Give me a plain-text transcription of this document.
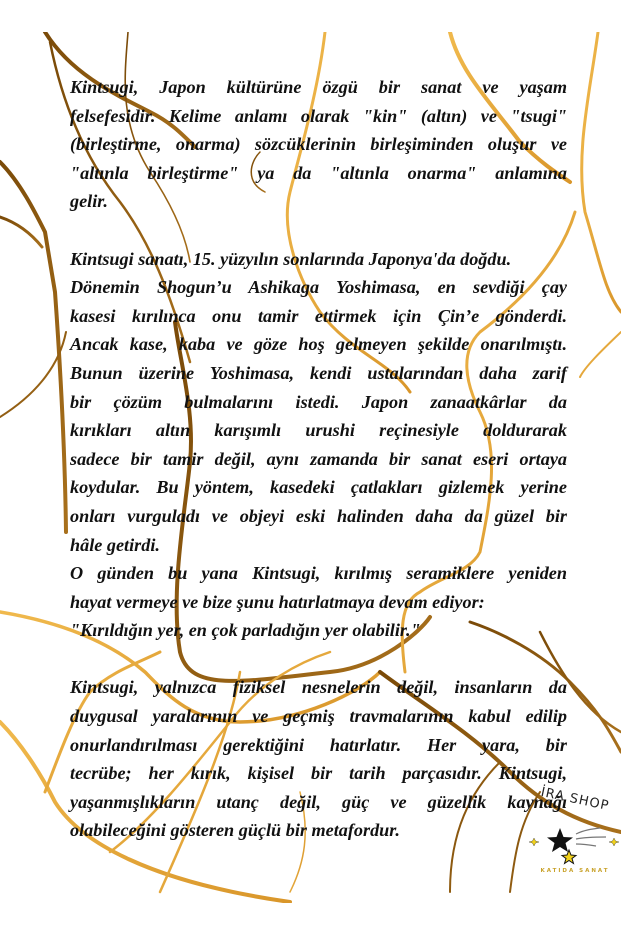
Kintsugi, Japon kültürüne özgü bir sanat ve yaşam
felsefesidir. Kelime anlamı olarak "kin" (altın) ve "tsugi"
(birleştirme, onarma) sözcüklerinin birleşiminden oluşur ve
"altınla birleştirme" ya da "altınla onarma" anlamına
gelir.

Kintsugi sanatı, 15. yüzyılın sonlarında Japonya'da doğdu.
Dönemin Shogun’u Ashikaga Yoshimasa, en sevdiği çay
kasesi kırılınca onu tamir ettirmek için Çin’e gönderdi.
Ancak kase, kaba ve göze hoş gelmeyen şekilde onarılmıştı.
Bunun üzerine Yoshimasa, kendi ustalarından daha zarif
bir çözüm bulmalarını istedi. Japon zanaatkârlar da
kırıkları altın karışımlı urushi reçinesiyle doldurarak
sadece bir tamir değil, aynı zamanda bir sanat eseri ortaya
koydular. Bu yöntem, kasedeki çatlakları gizlemek yerine
onları vurguladı ve objeyi eski halinden daha da güzel bir
hâle getirdi.
O günden bu yana Kintsugi, kırılmış seramiklere yeniden
hayat vermeye ve bize şunu hatırlatmaya devam ediyor:
"Kırıldığın yer, en çok parladığın yer olabilir."

Kintsugi, yalnızca fiziksel nesnelerin değil, insanların da
duygusal yaralarının ve geçmiş travmalarının kabul edilip
onurlandırılması gerektiğini hatırlatır. Her yara, bir
tecrübe; her kırık, kişisel bir tarih parçasıdır. Kintsugi,
yaşanmışlıkların utanç değil, güç ve güzellik kaynağı
olabileceğini gösteren güçlü bir metafordur.

İRA SHOP
KATIDA SANAT
